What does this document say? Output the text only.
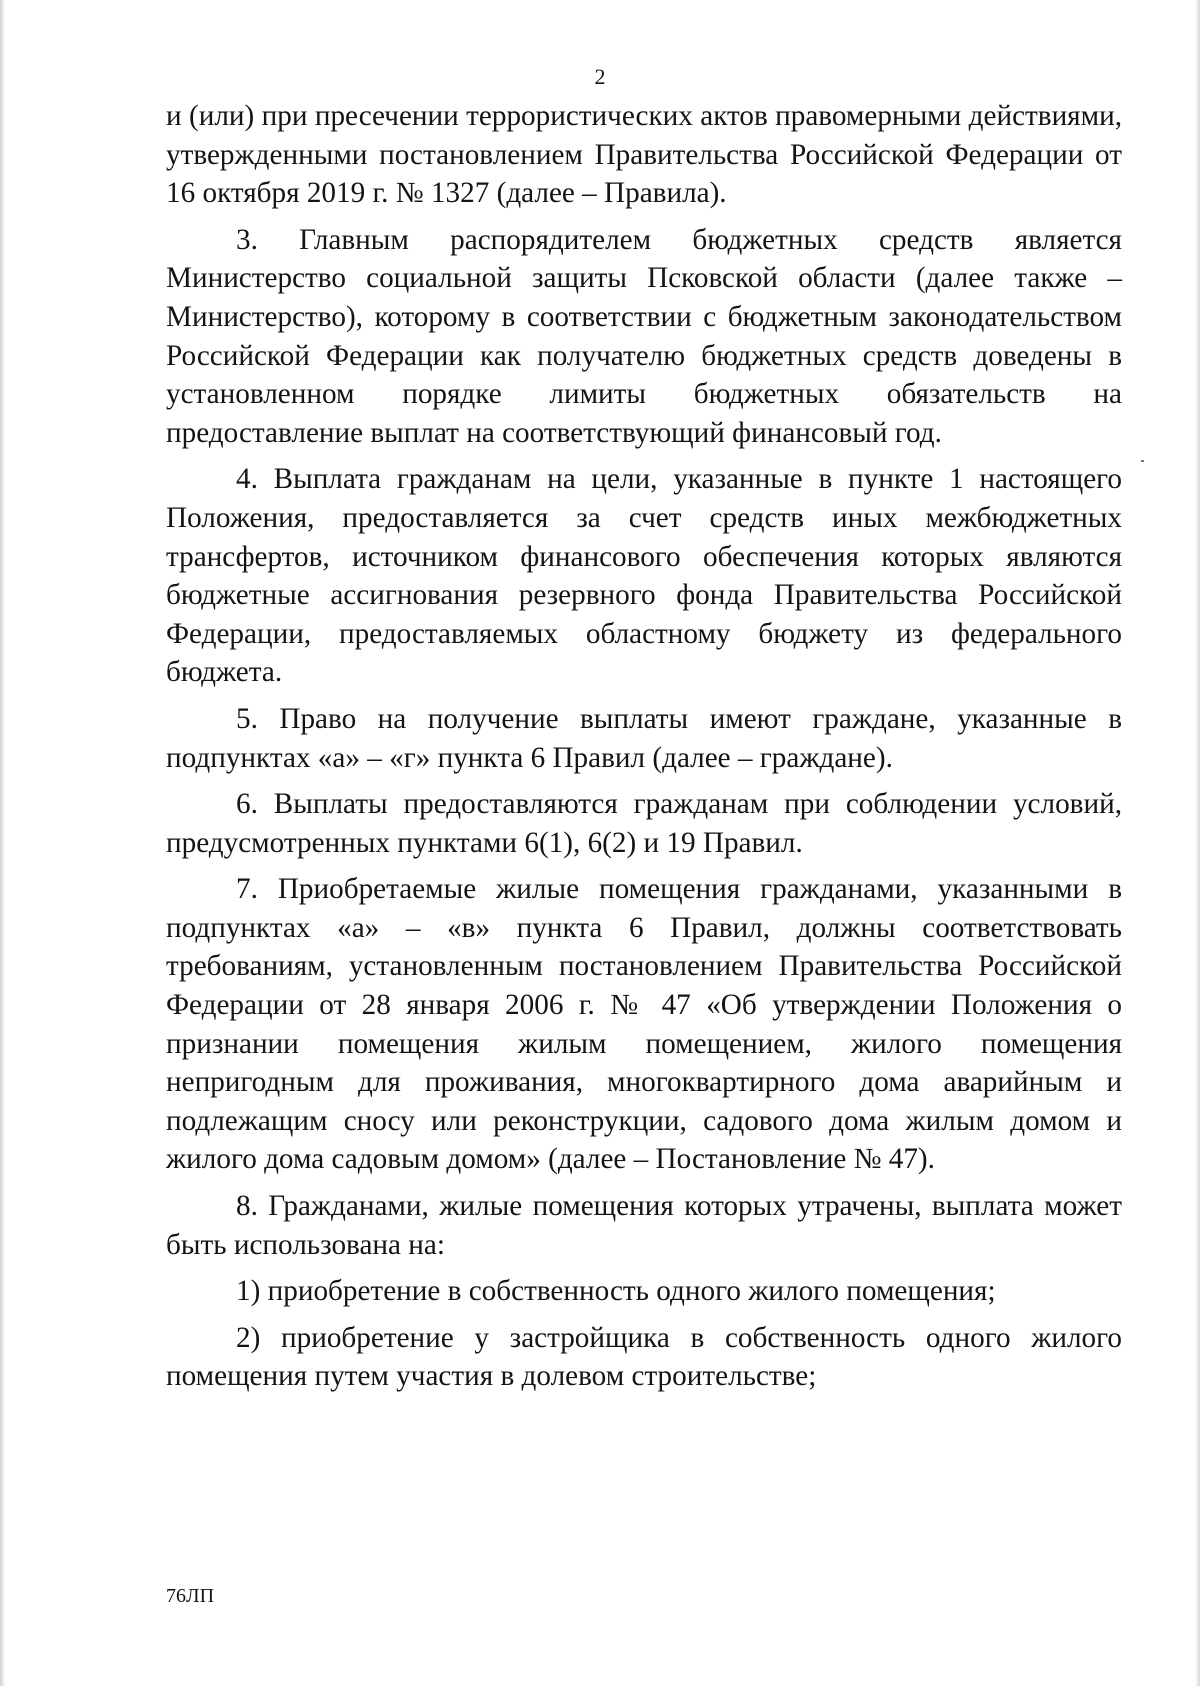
2

и (или) при пресечении террористических актов правомерными действиями, утвержденными постановлением Правительства Российской Федерации от 16 октября 2019 г. № 1327 (далее – Правила).

3. Главным распорядителем бюджетных средств является Министерство социальной защиты Псковской области (далее также – Министерство), которому в соответствии с бюджетным законодательством Российской Федерации как получателю бюджетных средств доведены в установленном порядке лимиты бюджетных обязательств на предоставление выплат на соответствующий финансовый год.

4. Выплата гражданам на цели, указанные в пункте 1 настоящего Положения, предоставляется за счет средств иных межбюджетных трансфертов, источником финансового обеспечения которых являются бюджетные ассигнования резервного фонда Правительства Российской Федерации, предоставляемых областному бюджету из федерального бюджета.

5. Право на получение выплаты имеют граждане, указанные в подпунктах «а» – «г» пункта 6 Правил (далее – граждане).

6. Выплаты предоставляются гражданам при соблюдении условий, предусмотренных пунктами 6(1), 6(2) и 19 Правил.

7. Приобретаемые жилые помещения гражданами, указанными в подпунктах «а» – «в» пункта 6 Правил, должны соответствовать требованиям, установленным постановлением Правительства Российской Федерации от 28 января 2006 г. № 47 «Об утверждении Положения о признании помещения жилым помещением, жилого помещения непригодным для проживания, многоквартирного дома аварийным и подлежащим сносу или реконструкции, садового дома жилым домом и жилого дома садовым домом» (далее – Постановление № 47).

8. Гражданами, жилые помещения которых утрачены, выплата может быть использована на:

1) приобретение в собственность одного жилого помещения;

2) приобретение у застройщика в собственность одного жилого помещения путем участия в долевом строительстве;

76ЛП
